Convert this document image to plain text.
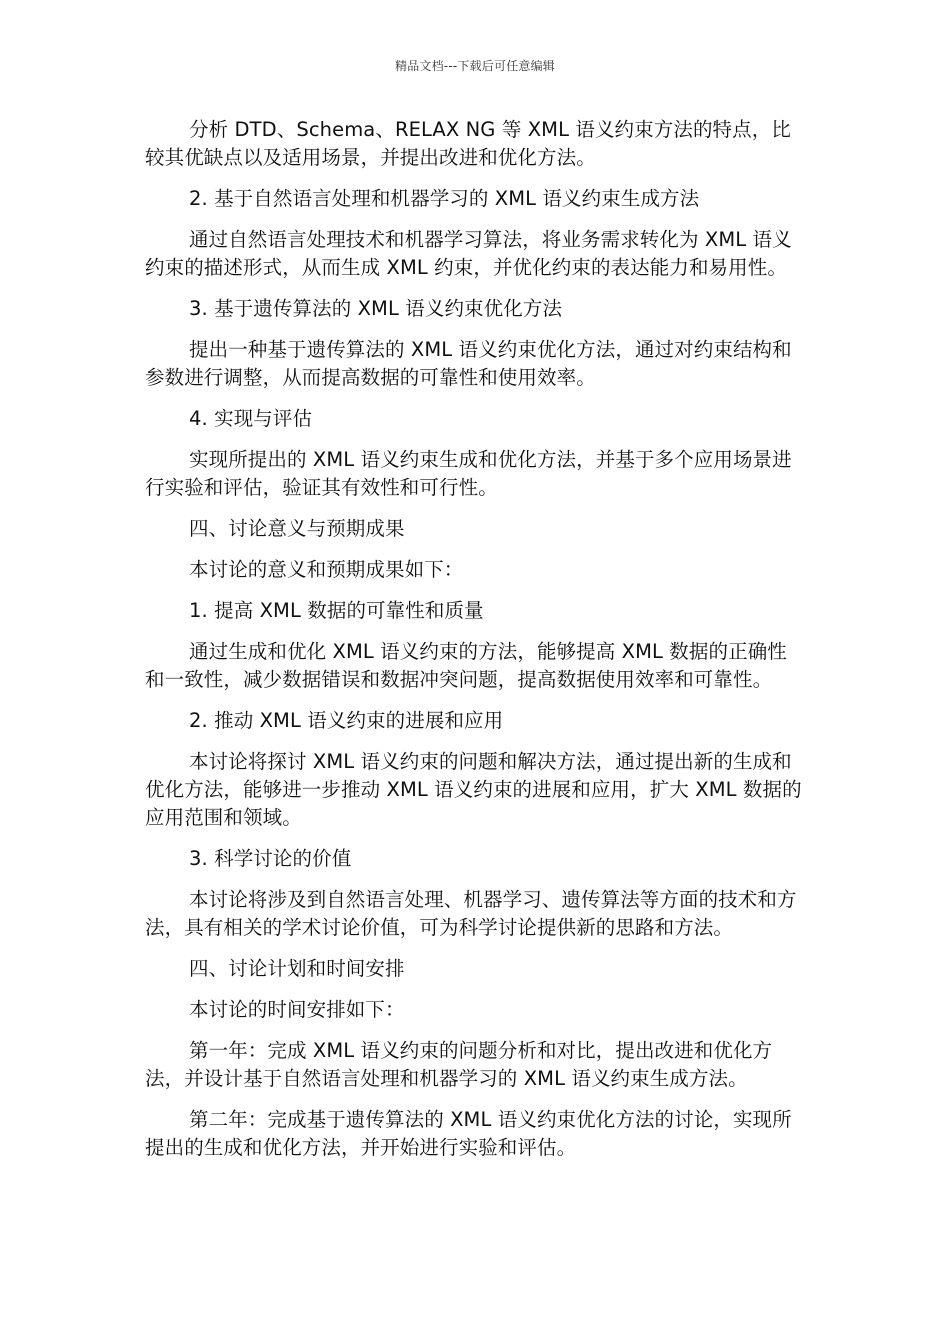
精品文档---下载后可任意编辑

分析 DTD、Schema、RELAX NG 等 XML 语义约束方法的特点，比较其优缺点以及适用场景，并提出改进和优化方法。

2. 基于自然语言处理和机器学习的 XML 语义约束生成方法

通过自然语言处理技术和机器学习算法，将业务需求转化为 XML 语义约束的描述形式，从而生成 XML 约束，并优化约束的表达能力和易用性。

3. 基于遗传算法的 XML 语义约束优化方法

提出一种基于遗传算法的 XML 语义约束优化方法，通过对约束结构和参数进行调整，从而提高数据的可靠性和使用效率。

4. 实现与评估

实现所提出的 XML 语义约束生成和优化方法，并基于多个应用场景进行实验和评估，验证其有效性和可行性。

四、讨论意义与预期成果

本讨论的意义和预期成果如下：

1. 提高 XML 数据的可靠性和质量

通过生成和优化 XML 语义约束的方法，能够提高 XML 数据的正确性和一致性，减少数据错误和数据冲突问题，提高数据使用效率和可靠性。

2. 推动 XML 语义约束的进展和应用

本讨论将探讨 XML 语义约束的问题和解决方法，通过提出新的生成和优化方法，能够进一步推动 XML 语义约束的进展和应用，扩大 XML 数据的应用范围和领域。

3. 科学讨论的价值

本讨论将涉及到自然语言处理、机器学习、遗传算法等方面的技术和方法，具有相关的学术讨论价值，可为科学讨论提供新的思路和方法。

四、讨论计划和时间安排

本讨论的时间安排如下：

第一年：完成 XML 语义约束的问题分析和对比，提出改进和优化方法，并设计基于自然语言处理和机器学习的 XML 语义约束生成方法。

第二年：完成基于遗传算法的 XML 语义约束优化方法的讨论，实现所提出的生成和优化方法，并开始进行实验和评估。
